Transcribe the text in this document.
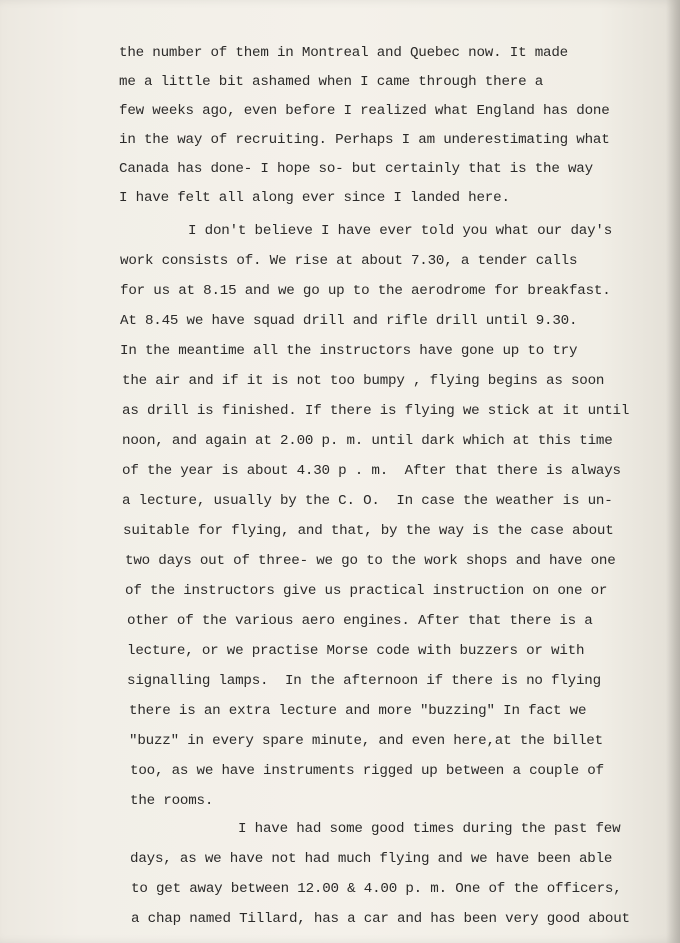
the number of them in Montreal and Quebec now. It made
me a little bit ashamed when I came through there a
few weeks ago, even before I realized what England has done
in the way of recruiting. Perhaps I am underestimating what
Canada has done- I hope so- but certainly that is the way
I have felt all along ever since I landed here.
I don't believe I have ever told you what our day's
work consists of. We rise at about 7.30, a tender calls
for us at 8.15 and we go up to the aerodrome for breakfast.
At 8.45 we have squad drill and rifle drill until 9.30.
In the meantime all the instructors have gone up to try
the air and if it is not too bumpy , flying begins as soon
as drill is finished. If there is flying we stick at it until
noon, and again at 2.00 p. m. until dark which at this time
of the year is about 4.30 p . m.  After that there is always
a lecture, usually by the C. O.  In case the weather is un-
suitable for flying, and that, by the way is the case about
two days out of three- we go to the work shops and have one
of the instructors give us practical instruction on one or
other of the various aero engines. After that there is a
lecture, or we practise Morse code with buzzers or with
signalling lamps.  In the afternoon if there is no flying
there is an extra lecture and more "buzzing" In fact we
"buzz" in every spare minute, and even here,at the billet
too, as we have instruments rigged up between a couple of
the rooms.
I have had some good times during the past few
days, as we have not had much flying and we have been able
to get away between 12.00 & 4.00 p. m. One of the officers,
a chap named Tillard, has a car and has been very good about
